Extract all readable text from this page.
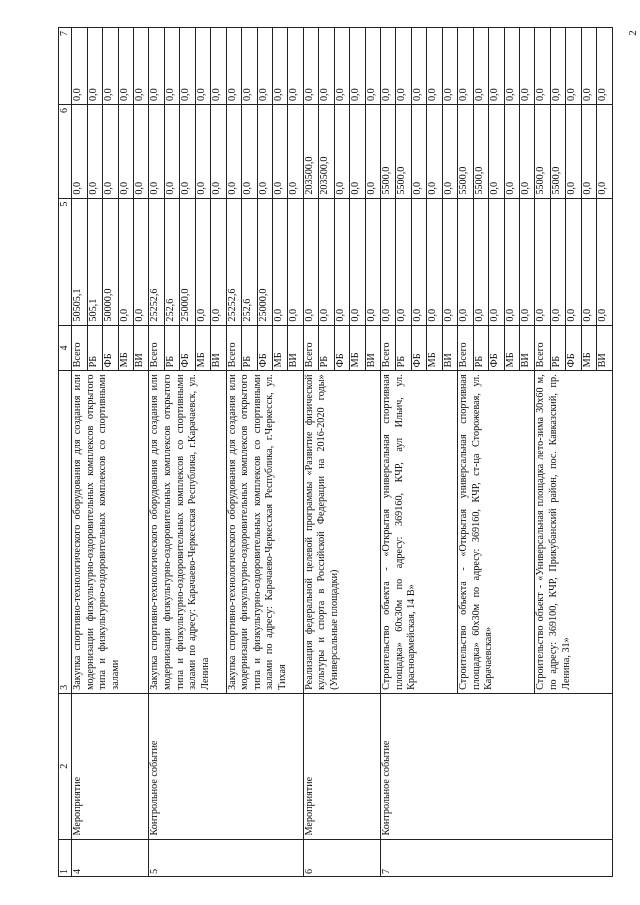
2
1	2	3	4	5	6	7
4	Мероприятие	Закупка спортивно-технологического оборудования для создания или модернизации физкультурно-оздоровительных комплексов открытого типа и физкультурно-оздоровительных комплексов со спортивными залами	Всего	50505,1	0,0	0,0
			РБ	505,1	0,0	0,0
			ФБ	50000,0	0,0	0,0
			МБ	0,0	0,0	0,0
			ВИ	0,0	0,0	0,0
5	Контрольное событие	Закупка спортивно-технологического оборудования для создания или модернизации физкультурно-оздоровительных комплексов открытого типа и физкультурно-оздоровительных комплексов со спортивными залами по адресу: Карачаево-Черкесская Республика, г.Карачаевск, ул. Ленина	Всего	25252,6	0,0	0,0
			РБ	252,6	0,0	0,0
			ФБ	25000,0	0,0	0,0
			МБ	0,0	0,0	0,0
			ВИ	0,0	0,0	0,0
		Закупка спортивно-технологического оборудования для создания или модернизации физкультурно-оздоровительных комплексов открытого типа и физкультурно-оздоровительных комплексов со спортивными залами по адресу: Карачаево-Черкесская Республика, г.Черкесск, ул. Тихая	Всего	25252,6	0,0	0,0
			РБ	252,6	0,0	0,0
			ФБ	25000,0	0,0	0,0
			МБ	0,0	0,0	0,0
			ВИ	0,0	0,0	0,0
6	Мероприятие	Реализация федеральной целевой программы «Развитие физической культуры и спорта в Российской Федерации на 2016-2020 годы» (Универсальные площадки)	Всего	0,0	203500,0	0,0
			РБ	0,0	203500,0	0,0
			ФБ	0,0	0,0	0,0
			МБ	0,0	0,0	0,0
			ВИ	0,0	0,0	0,0
7	Контрольное событие	Строительство объекта - «Открытая универсальная спортивная площадка» 60х30м по адресу: 369160, КЧР, аул Ильич, ул. Красноармейская, 14 В»	Всего	0,0	5500,0	0,0
			РБ	0,0	5500,0	0,0
			ФБ	0,0	0,0	0,0
			МБ	0,0	0,0	0,0
			ВИ	0,0	0,0	0,0
		Строительство объекта - «Открытая универсальная спортивная площадка» 60х30м по адресу: 369160, КЧР, ст-ца Сторожевая, ул. Карачаевская»	Всего	0,0	5500,0	0,0
			РБ	0,0	5500,0	0,0
			ФБ	0,0	0,0	0,0
			МБ	0,0	0,0	0,0
			ВИ	0,0	0,0	0,0
		Строительство объект - «Универсальная площадка лето-зима 30х60 м, по адресу: 369100, КЧР, Прикубанский район, пос. Кавказский, пр. Ленина, 31»	Всего	0,0	5500,0	0,0
			РБ	0,0	5500,0	0,0
			ФБ	0,0	0,0	0,0
			МБ	0,0	0,0	0,0
			ВИ	0,0	0,0	0,0
